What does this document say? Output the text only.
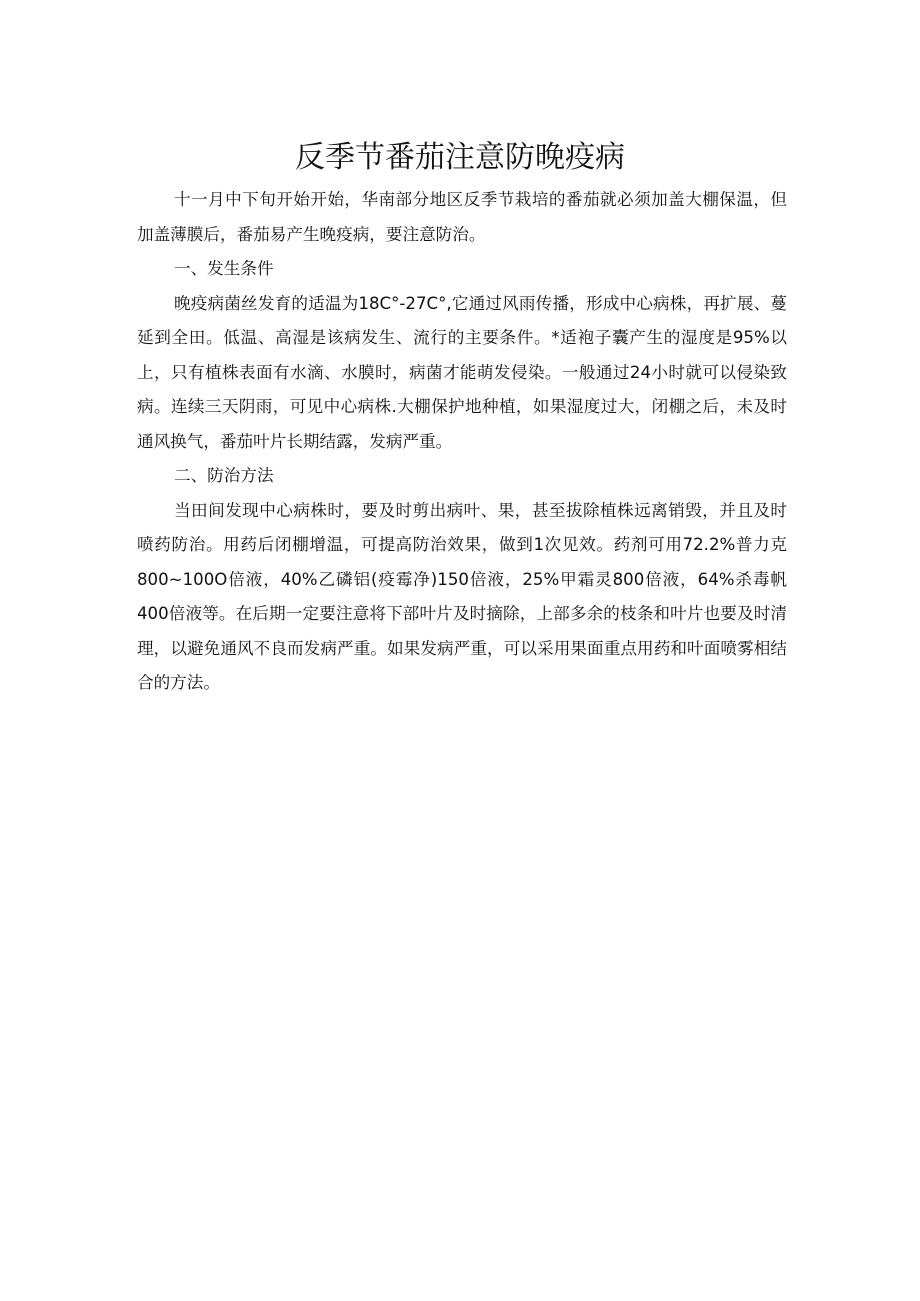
反季节番茄注意防晚疫病

十一月中下旬开始开始，华南部分地区反季节栽培的番茄就必须加盖大棚保温，但加盖薄膜后，番茄易产生晚疫病，要注意防治。

一、发生条件

晚疫病菌丝发育的适温为18C°-27C°,它通过风雨传播，形成中心病株，再扩展、蔓延到全田。低温、高湿是该病发生、流行的主要条件。*适袍子囊产生的湿度是95%以上，只有植株表面有水滴、水膜时，病菌才能萌发侵染。一般通过24小时就可以侵染致病。连续三天阴雨，可见中心病株.大棚保护地种植，如果湿度过大，闭棚之后，未及时通风换气，番茄叶片长期结露，发病严重。

二、防治方法

当田间发现中心病株时，要及时剪出病叶、果，甚至拔除植株远离销毁，并且及时喷药防治。用药后闭棚增温，可提高防治效果，做到1次见效。药剂可用72.2%普力克800~100O倍液，40%乙磷铝(疫霉净)150倍液，25%甲霜灵800倍液，64%杀毒帆400倍液等。在后期一定要注意将下部叶片及时摘除，上部多余的枝条和叶片也要及时清理，以避免通风不良而发病严重。如果发病严重，可以采用果面重点用药和叶面喷雾相结合的方法。
